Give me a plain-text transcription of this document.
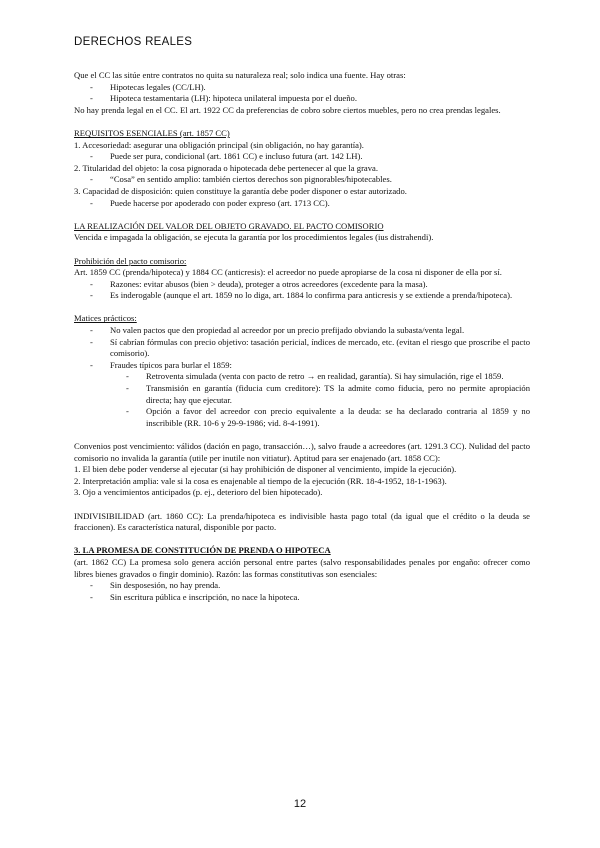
DERECHOS REALES

Que el CC las sitúe entre contratos no quita su naturaleza real; solo indica una fuente. Hay otras:

- Hipotecas legales (CC/LH).

- Hipoteca testamentaria (LH): hipoteca unilateral impuesta por el dueño.

No hay prenda legal en el CC. El art. 1922 CC da preferencias de cobro sobre ciertos muebles, pero no crea prendas legales.

REQUISITOS ESENCIALES (art. 1857 CC)

1. Accesoriedad: asegurar una obligación principal (sin obligación, no hay garantía).

- Puede ser pura, condicional (art. 1861 CC) e incluso futura (art. 142 LH).

2. Titularidad del objeto: la cosa pignorada o hipotecada debe pertenecer al que la grava.

- “Cosa” en sentido amplio: también ciertos derechos son pignorables/hipotecables.

3. Capacidad de disposición: quien constituye la garantía debe poder disponer o estar autorizado.

- Puede hacerse por apoderado con poder expreso (art. 1713 CC).

LA REALIZACIÓN DEL VALOR DEL OBJETO GRAVADO. EL PACTO COMISORIO

Vencida e impagada la obligación, se ejecuta la garantía por los procedimientos legales (ius distrahendi).

Prohibición del pacto comisorio:

Art. 1859 CC (prenda/hipoteca) y 1884 CC (anticresis): el acreedor no puede apropiarse de la cosa ni disponer de ella por sí.

- Razones: evitar abusos (bien > deuda), proteger a otros acreedores (excedente para la masa).

- Es inderogable (aunque el art. 1859 no lo diga, art. 1884 lo confirma para anticresis y se extiende a prenda/hipoteca).

Matices prácticos:

- No valen pactos que den propiedad al acreedor por un precio prefijado obviando la subasta/venta legal.

- Sí cabrían fórmulas con precio objetivo: tasación pericial, índices de mercado, etc. (evitan el riesgo que proscribe el pacto comisorio).

- Fraudes típicos para burlar el 1859:

- Retroventa simulada (venta con pacto de retro → en realidad, garantía). Si hay simulación, rige el 1859.

- Transmisión en garantía (fiducia cum creditore): TS la admite como fiducia, pero no permite apropiación directa; hay que ejecutar.

- Opción a favor del acreedor con precio equivalente a la deuda: se ha declarado contraria al 1859 y no inscribible (RR. 10-6 y 29-9-1986; vid. 8-4-1991).

Convenios post vencimiento: válidos (dación en pago, transacción…), salvo fraude a acreedores (art. 1291.3 CC). Nulidad del pacto comisorio no invalida la garantía (utile per inutile non vitiatur). Aptitud para ser enajenado (art. 1858 CC):

1. El bien debe poder venderse al ejecutar (si hay prohibición de disponer al vencimiento, impide la ejecución).

2. Interpretación amplia: vale si la cosa es enajenable al tiempo de la ejecución (RR. 18-4-1952, 18-1-1963).

3. Ojo a vencimientos anticipados (p. ej., deterioro del bien hipotecado).

INDIVISIBILIDAD (art. 1860 CC): La prenda/hipoteca es indivisible hasta pago total (da igual que el crédito o la deuda se fraccionen). Es característica natural, disponible por pacto.

3. LA PROMESA DE CONSTITUCIÓN DE PRENDA O HIPOTECA

(art. 1862 CC) La promesa solo genera acción personal entre partes (salvo responsabilidades penales por engaño: ofrecer como libres bienes gravados o fingir dominio). Razón: las formas constitutivas son esenciales:

- Sin desposesión, no hay prenda.

- Sin escritura pública e inscripción, no nace la hipoteca.

12
